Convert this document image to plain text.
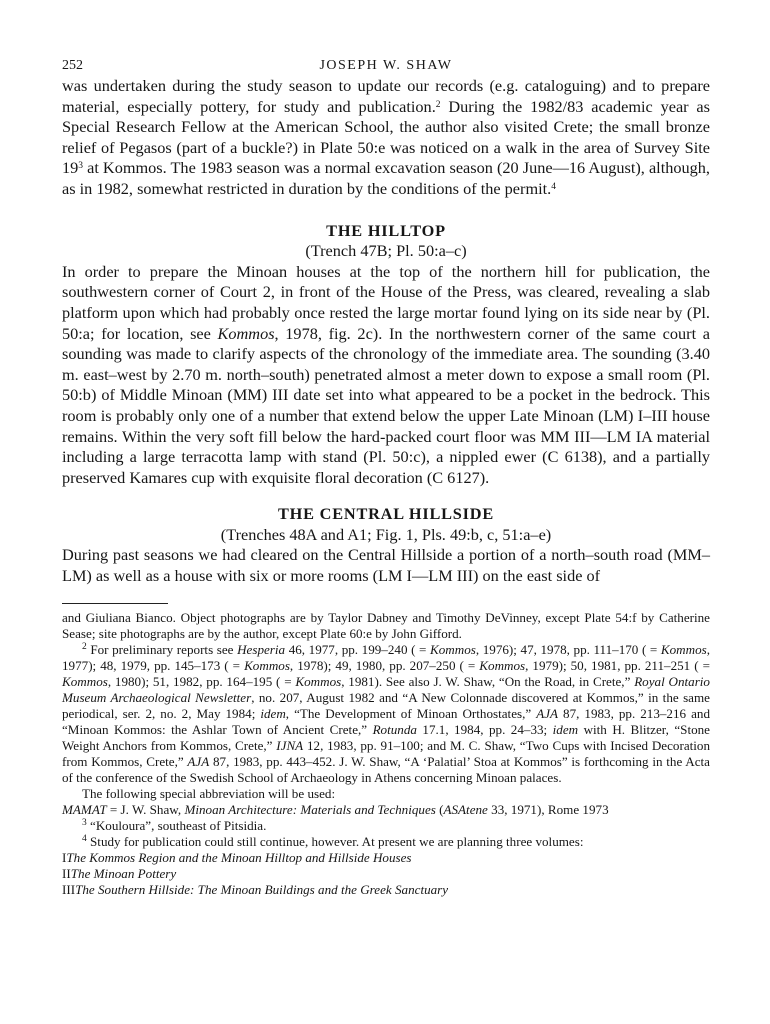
252	JOSEPH W. SHAW

was undertaken during the study season to update our records (e.g. cataloguing) and to prepare material, especially pottery, for study and publication.$^2$ During the 1982/83 academic year as Special Research Fellow at the American School, the author also visited Crete; the small bronze relief of Pegasos (part of a buckle?) in Plate 50:e was noticed on a walk in the area of Survey Site $19^3$ at Kommos. The 1983 season was a normal excavation season (20 June—16 August), although, as in 1982, somewhat restricted in duration by the conditions of the permit.$^4$

THE HILLTOP
(Trench 47B; Pl. 50:a–c)

In order to prepare the Minoan houses at the top of the northern hill for publication, the southwestern corner of Court 2, in front of the House of the Press, was cleared, revealing a slab platform upon which had probably once rested the large mortar found lying on its side near by (Pl. 50:a; for location, see Kommos, 1978, fig. 2c). In the northwestern corner of the same court a sounding was made to clarify aspects of the chronology of the immediate area. The sounding (3.40 m. east–west by 2.70 m. north–south) penetrated almost a meter down to expose a small room (Pl. 50:b) of Middle Minoan (MM) III date set into what appeared to be a pocket in the bedrock. This room is probably only one of a number that extend below the upper Late Minoan (LM) I–III house remains. Within the very soft fill below the hard-packed court floor was MM III—LM IA material including a large terracotta lamp with stand (Pl. 50:c), a nippled ewer (C 6138), and a partially preserved Kamares cup with exquisite floral decoration (C 6127).

THE CENTRAL HILLSIDE
(Trenches 48A and A1; Fig. 1, Pls. 49:b, c, 51:a–e)

During past seasons we had cleared on the Central Hillside a portion of a north–south road (MM–LM) as well as a house with six or more rooms (LM I—LM III) on the east side of

and Giuliana Bianco. Object photographs are by Taylor Dabney and Timothy DeVinney, except Plate 54:f by Catherine Sease; site photographs are by the author, except Plate 60:e by John Gifford.

$^2$ For preliminary reports see Hesperia 46, 1977, pp. 199–240 ( = Kommos, 1976); 47, 1978, pp. 111–170 ( = Kommos, 1977); 48, 1979, pp. 145–173 ( = Kommos, 1978); 49, 1980, pp. 207–250 ( = Kommos, 1979); 50, 1981, pp. 211–251 ( = Kommos, 1980); 51, 1982, pp. 164–195 ( = Kommos, 1981). See also J. W. Shaw, “On the Road, in Crete,” Royal Ontario Museum Archaeological Newsletter, no. 207, August 1982 and “A New Colonnade discovered at Kommos,” in the same periodical, ser. 2, no. 2, May 1984; idem, “The Development of Minoan Orthostates,” AJA 87, 1983, pp. 213–216 and “Minoan Kommos: the Ashlar Town of Ancient Crete,” Rotunda 17.1, 1984, pp. 24–33; idem with H. Blitzer, “Stone Weight Anchors from Kommos, Crete,” IJNA 12, 1983, pp. 91–100; and M. C. Shaw, “Two Cups with Incised Decoration from Kommos, Crete,” AJA 87, 1983, pp. 443–452. J. W. Shaw, “A ‘Palatial’ Stoa at Kommos” is forthcoming in the Acta of the conference of the Swedish School of Archaeology in Athens concerning Minoan palaces.

The following special abbreviation will be used:

MAMAT = J. W. Shaw, Minoan Architecture: Materials and Techniques (ASAtene 33, 1971), Rome 1973

$^3$ “Kouloura”, southeast of Pitsidia.

$^4$ Study for publication could still continue, however. At present we are planning three volumes:

IThe Kommos Region and the Minoan Hilltop and Hillside Houses

IIThe Minoan Pottery

IIIThe Southern Hillside: The Minoan Buildings and the Greek Sanctuary
